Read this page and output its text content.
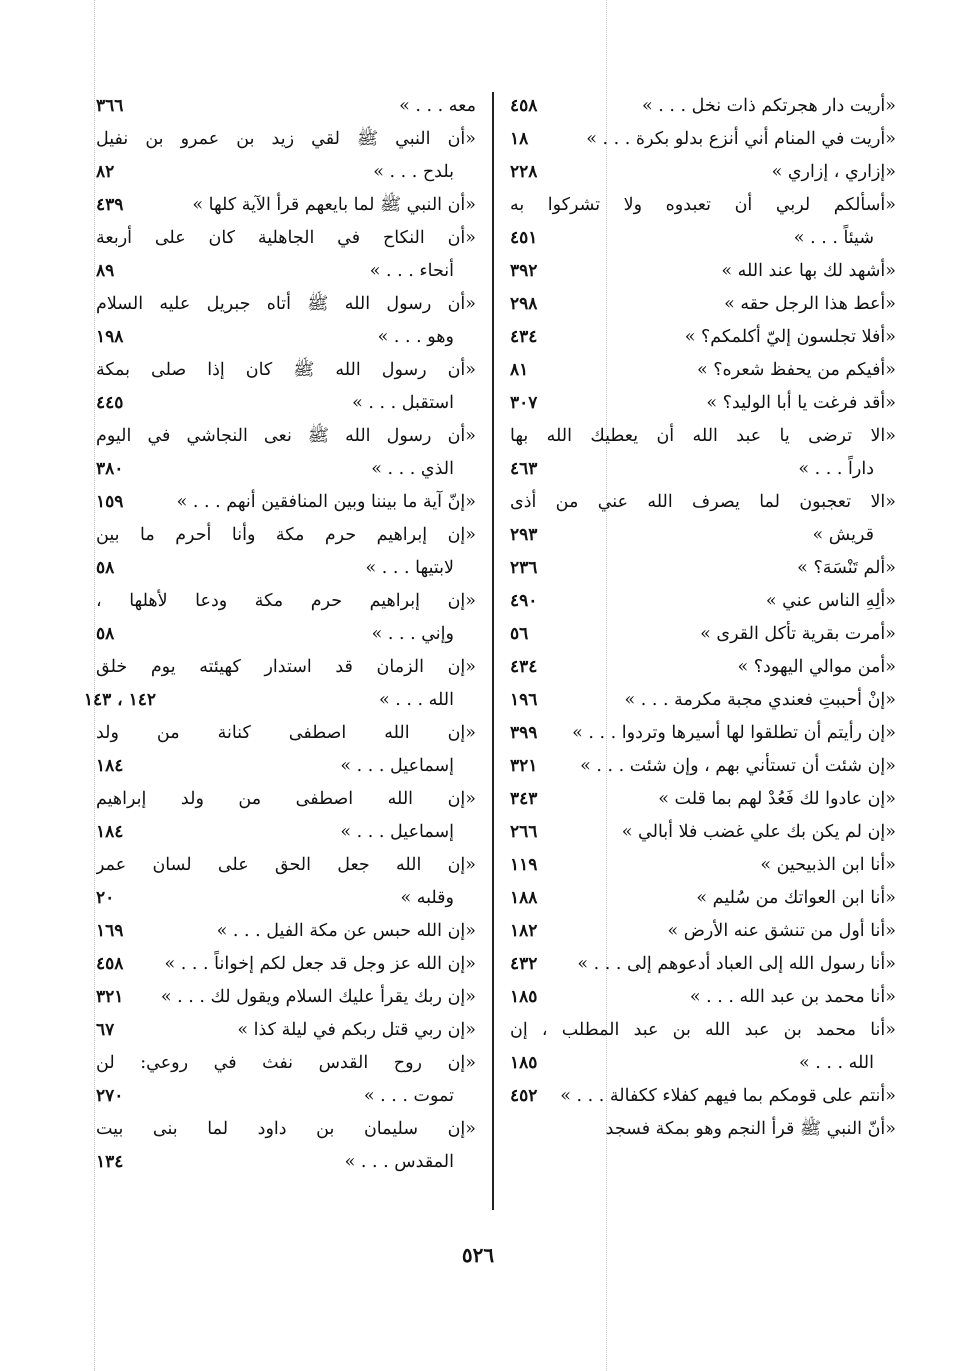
«أريت دار هجرتكم ذات نخل . . . »
٤٥٨
«أريت في المنام أني أنزع بدلو بكرة . . . »
١٨
«إزاري ، إزاري »
٢٢٨
«أسألكم لربي أن تعبدوه ولا تشركوا به
شيئاً . . . »
٤٥١
«أشهد لك بها عند الله »
٣٩٢
«أعط هذا الرجل حقه »
٢٩٨
«أفلا تجلسون إليّ أكلمكم؟ »
٤٣٤
«أفيكم من يحفظ شعره؟ »
٨١
«أقد فرغت يا أبا الوليد؟ »
٣٠٧
«الا ترضى يا عبد الله أن يعطيك الله بها
داراً . . . »
٤٦٣
«الا تعجبون لما يصرف الله عني من أذى
قريش »
٢٩٣
«ألم تَنْسَهَ؟ »
٢٣٦
«ألِهِ الناس عني »
٤٩٠
«أمرت بقرية تأكل القرى »
٥٦
«أمن موالي اليهود؟ »
٤٣٤
«إنْ أحببتِ فعندي مجبة مكرمة . . . »
١٩٦
«إن رأيتم أن تطلقوا لها أسيرها وتردوا . . . »
٣٩٩
«إن شئت أن تستأني بهم ، وإن شئت . . . »
٣٢١
«إن عادوا لك فَعُدْ لهم بما قلت »
٣٤٣
«إن لم يكن بك علي غضب فلا أبالي »
٢٦٦
«أنا ابن الذبيحين »
١١٩
«أنا ابن العواتك من سُليم »
١٨٨
«أنا أول من تنشق عنه الأرض »
١٨٢
«أنا رسول الله إلى العباد أدعوهم إلى . . . »
٤٣٢
«أنا محمد بن عبد الله . . . »
١٨٥
«أنا محمد بن عبد الله بن عبد المطلب ، إن
الله . . . »
١٨٥
«أنتم على قومكم بما فيهم كفلاء ككفالة . . . »
٤٥٢
«أنّ النبي ﷺ قرأ النجم وهو بمكة فسجد
معه . . . »
٣٦٦
«أن النبي ﷺ لقي زيد بن عمرو بن نفيل
بلدح . . . »
٨٢
«أن النبي ﷺ لما بايعهم قرأ الآية كلها »
٤٣٩
«أن النكاح في الجاهلية كان على أربعة
أنحاء . . . »
٨٩
«أن رسول الله ﷺ أتاه جبريل عليه السلام
وهو . . . »
١٩٨
«أن رسول الله ﷺ كان إذا صلى بمكة
استقبل . . . »
٤٤٥
«أن رسول الله ﷺ نعى النجاشي في اليوم
الذي . . . »
٣٨٠
«إنّ آية ما بيننا وبين المنافقين أنهم . . . »
١٥٩
«إن إبراهيم حرم مكة وأنا أحرم ما بين
لابتيها . . . »
٥٨
«إن إبراهيم حرم مكة ودعا لأهلها ،
وإني . . . »
٥٨
«إن الزمان قد استدار كهيئته يوم خلق
الله . . . »
١٤٢ ، ١٤٣
«إن الله اصطفى كنانة من ولد
إسماعيل . . . »
١٨٤
«إن الله اصطفى من ولد إبراهيم
إسماعيل . . . »
١٨٤
«إن الله جعل الحق على لسان عمر
وقلبه »
٢٠
«إن الله حبس عن مكة الفيل . . . »
١٦٩
«إن الله عز وجل قد جعل لكم إخواناً . . . »
٤٥٨
«إن ربك يقرأ عليك السلام ويقول لك . . . »
٣٢١
«إن ربي قتل ربكم في ليلة كذا »
٦٧
«إن روح القدس نفث في روعي: لن
تموت . . . »
٢٧٠
«إن سليمان بن داود لما بنى بيت
المقدس . . . »
١٣٤
٥٢٦
